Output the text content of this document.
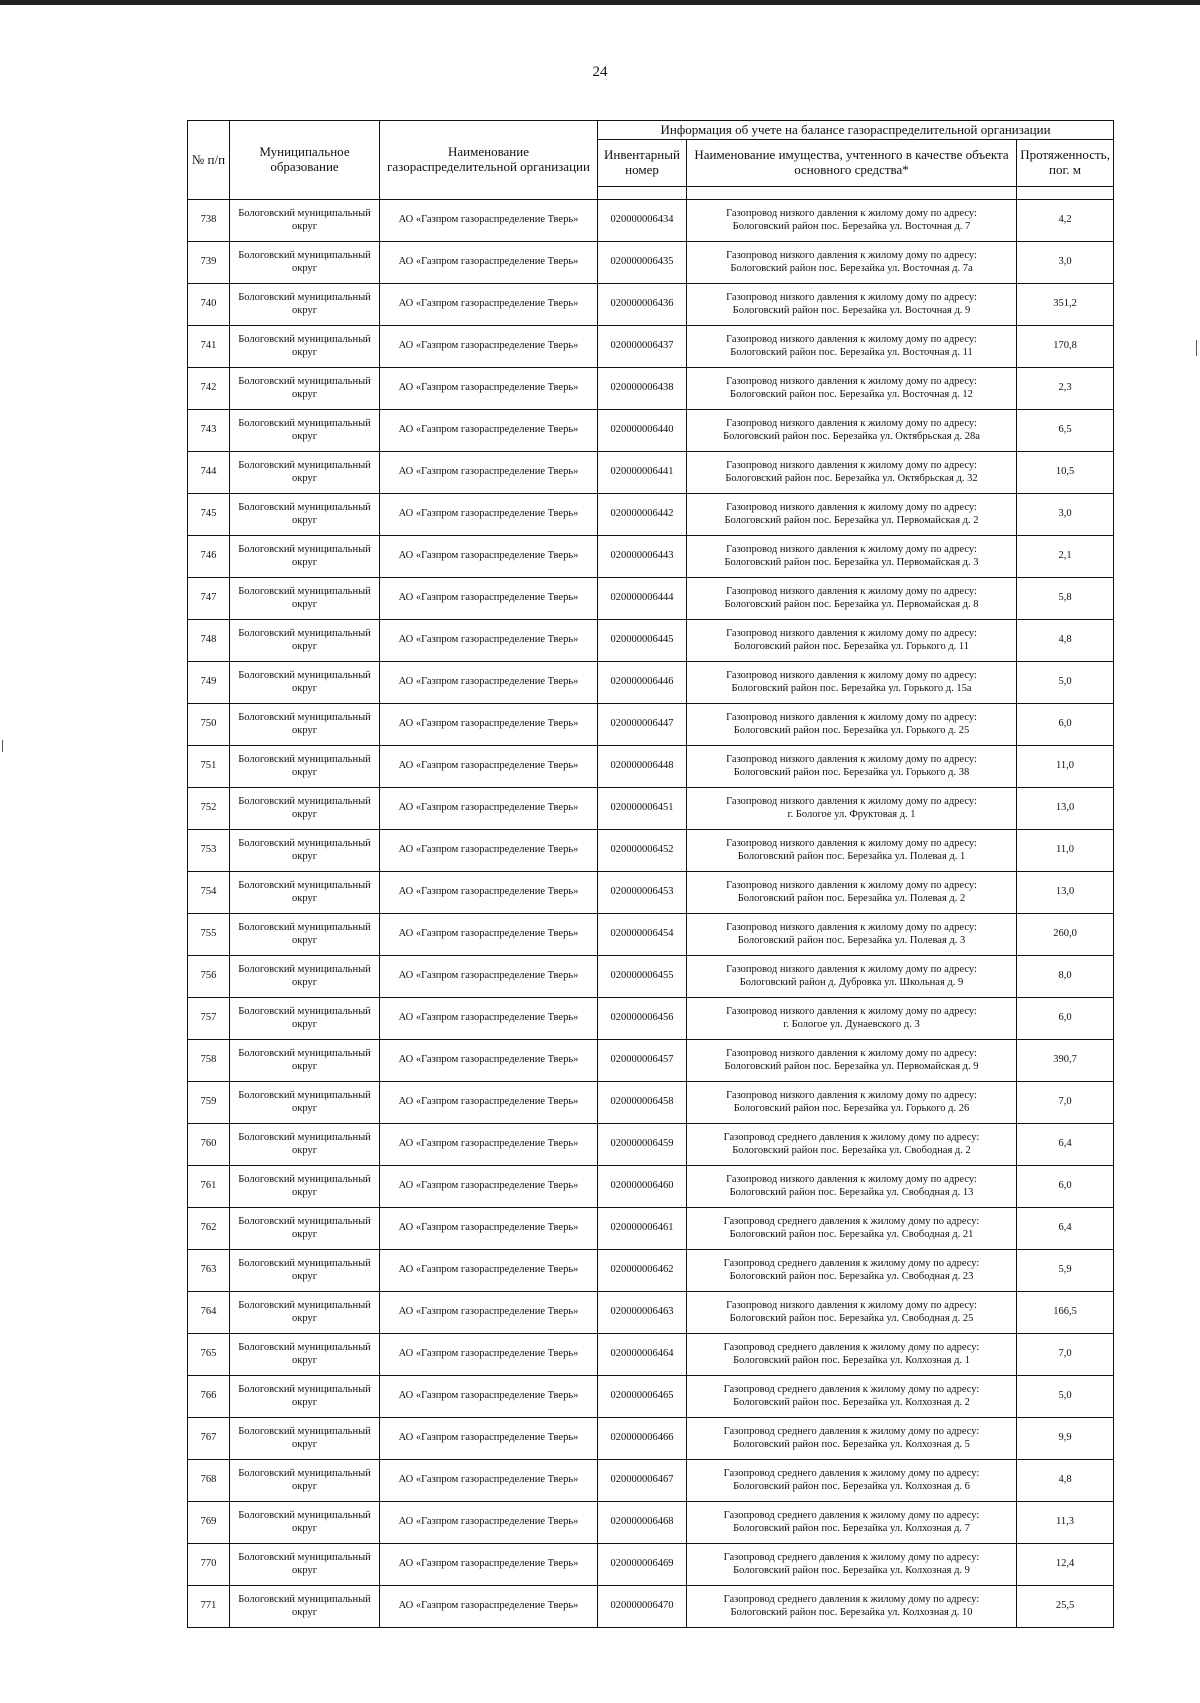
24
№ п/п	Муниципальное образование	Наименование газораспределительной организации	Информация об учете на балансе газораспределительной организации		
			Инвентарный номер	Наименование имущества, учтенного в качестве объекта основного средства*	Протяженность, пог. м

738	Бологовский муниципальный округ	АО «Газпром газораспределение Тверь»	020000006434	Газопровод низкого давления к жилому дому по адресу:
Бологовский район пос. Березайка ул. Восточная д. 7	4,2
739	Бологовский муниципальный округ	АО «Газпром газораспределение Тверь»	020000006435	Газопровод низкого давления к жилому дому по адресу:
Бологовский район пос. Березайка ул. Восточная д. 7а	3,0
740	Бологовский муниципальный округ	АО «Газпром газораспределение Тверь»	020000006436	Газопровод низкого давления к жилому дому по адресу:
Бологовский район пос. Березайка ул. Восточная д. 9	351,2
741	Бологовский муниципальный округ	АО «Газпром газораспределение Тверь»	020000006437	Газопровод низкого давления к жилому дому по адресу:
Бологовский район пос. Березайка ул. Восточная д. 11	170,8
742	Бологовский муниципальный округ	АО «Газпром газораспределение Тверь»	020000006438	Газопровод низкого давления к жилому дому по адресу:
Бологовский район пос. Березайка ул. Восточная д. 12	2,3
743	Бологовский муниципальный округ	АО «Газпром газораспределение Тверь»	020000006440	Газопровод низкого давления к жилому дому по адресу:
Бологовский район пос. Березайка ул. Октябрьская д. 28а	6,5
744	Бологовский муниципальный округ	АО «Газпром газораспределение Тверь»	020000006441	Газопровод низкого давления к жилому дому по адресу:
Бологовский район пос. Березайка ул. Октябрьская д. 32	10,5
745	Бологовский муниципальный округ	АО «Газпром газораспределение Тверь»	020000006442	Газопровод низкого давления к жилому дому по адресу:
Бологовский район пос. Березайка ул. Первомайская д. 2	3,0
746	Бологовский муниципальный округ	АО «Газпром газораспределение Тверь»	020000006443	Газопровод низкого давления к жилому дому по адресу:
Бологовский район пос. Березайка ул. Первомайская д. 3	2,1
747	Бологовский муниципальный округ	АО «Газпром газораспределение Тверь»	020000006444	Газопровод низкого давления к жилому дому по адресу:
Бологовский район пос. Березайка ул. Первомайская д. 8	5,8
748	Бологовский муниципальный округ	АО «Газпром газораспределение Тверь»	020000006445	Газопровод низкого давления к жилому дому по адресу:
Бологовский район пос. Березайка ул. Горького д. 11	4,8
749	Бологовский муниципальный округ	АО «Газпром газораспределение Тверь»	020000006446	Газопровод низкого давления к жилому дому по адресу:
Бологовский район пос. Березайка ул. Горького д. 15а	5,0
750	Бологовский муниципальный округ	АО «Газпром газораспределение Тверь»	020000006447	Газопровод низкого давления к жилому дому по адресу:
Бологовский район пос. Березайка ул. Горького д. 25	6,0
751	Бологовский муниципальный округ	АО «Газпром газораспределение Тверь»	020000006448	Газопровод низкого давления к жилому дому по адресу:
Бологовский район пос. Березайка ул. Горького д. 38	11,0
752	Бологовский муниципальный округ	АО «Газпром газораспределение Тверь»	020000006451	Газопровод низкого давления к жилому дому по адресу:
г. Бологое ул. Фруктовая д. 1	13,0
753	Бологовский муниципальный округ	АО «Газпром газораспределение Тверь»	020000006452	Газопровод низкого давления к жилому дому по адресу:
Бологовский район пос. Березайка ул. Полевая д. 1	11,0
754	Бологовский муниципальный округ	АО «Газпром газораспределение Тверь»	020000006453	Газопровод низкого давления к жилому дому по адресу:
Бологовский район пос. Березайка ул. Полевая д. 2	13,0
755	Бологовский муниципальный округ	АО «Газпром газораспределение Тверь»	020000006454	Газопровод низкого давления к жилому дому по адресу:
Бологовский район пос. Березайка ул. Полевая д. 3	260,0
756	Бологовский муниципальный округ	АО «Газпром газораспределение Тверь»	020000006455	Газопровод низкого давления к жилому дому по адресу:
Бологовский район д. Дубровка ул. Школьная д. 9	8,0
757	Бологовский муниципальный округ	АО «Газпром газораспределение Тверь»	020000006456	Газопровод низкого давления к жилому дому по адресу:
г. Бологое ул. Дунаевского д. 3	6,0
758	Бологовский муниципальный округ	АО «Газпром газораспределение Тверь»	020000006457	Газопровод низкого давления к жилому дому по адресу:
Бологовский район пос. Березайка ул. Первомайская д. 9	390,7
759	Бологовский муниципальный округ	АО «Газпром газораспределение Тверь»	020000006458	Газопровод низкого давления к жилому дому по адресу:
Бологовский район пос. Березайка ул. Горького д. 26	7,0
760	Бологовский муниципальный округ	АО «Газпром газораспределение Тверь»	020000006459	Газопровод среднего давления к жилому дому по адресу:
Бологовский район пос. Березайка ул. Свободная д. 2	6,4
761	Бологовский муниципальный округ	АО «Газпром газораспределение Тверь»	020000006460	Газопровод низкого давления к жилому дому по адресу:
Бологовский район пос. Березайка ул. Свободная д. 13	6,0
762	Бологовский муниципальный округ	АО «Газпром газораспределение Тверь»	020000006461	Газопровод среднего давления к жилому дому по адресу:
Бологовский район пос. Березайка ул. Свободная д. 21	6,4
763	Бологовский муниципальный округ	АО «Газпром газораспределение Тверь»	020000006462	Газопровод среднего давления к жилому дому по адресу:
Бологовский район пос. Березайка ул. Свободная д. 23	5,9
764	Бологовский муниципальный округ	АО «Газпром газораспределение Тверь»	020000006463	Газопровод низкого давления к жилому дому по адресу:
Бологовский район пос. Березайка ул. Свободная д. 25	166,5
765	Бологовский муниципальный округ	АО «Газпром газораспределение Тверь»	020000006464	Газопровод среднего давления к жилому дому по адресу:
Бологовский район пос. Березайка ул. Колхозная д. 1	7,0
766	Бологовский муниципальный округ	АО «Газпром газораспределение Тверь»	020000006465	Газопровод среднего давления к жилому дому по адресу:
Бологовский район пос. Березайка ул. Колхозная д. 2	5,0
767	Бологовский муниципальный округ	АО «Газпром газораспределение Тверь»	020000006466	Газопровод среднего давления к жилому дому по адресу:
Бологовский район пос. Березайка ул. Колхозная д. 5	9,9
768	Бологовский муниципальный округ	АО «Газпром газораспределение Тверь»	020000006467	Газопровод среднего давления к жилому дому по адресу:
Бологовский район пос. Березайка ул. Колхозная д. 6	4,8
769	Бологовский муниципальный округ	АО «Газпром газораспределение Тверь»	020000006468	Газопровод среднего давления к жилому дому по адресу:
Бологовский район пос. Березайка ул. Колхозная д. 7	11,3
770	Бологовский муниципальный округ	АО «Газпром газораспределение Тверь»	020000006469	Газопровод среднего давления к жилому дому по адресу:
Бологовский район пос. Березайка ул. Колхозная д. 9	12,4
771	Бологовский муниципальный округ	АО «Газпром газораспределение Тверь»	020000006470	Газопровод среднего давления к жилому дому по адресу:
Бологовский район пос. Березайка ул. Колхозная д. 10	25,5
